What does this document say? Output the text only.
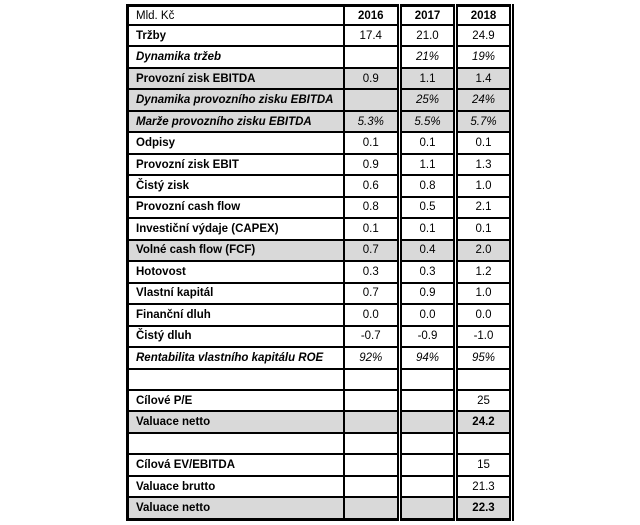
Mld. Kč	2016	2017	2018
Tržby	17.4	21.0	24.9
Dynamika tržeb		21%	19%
Provozní zisk EBITDA	0.9	1.1	1.4
Dynamika provozního zisku EBITDA		25%	24%
Marže provozního zisku EBITDA	5.3%	5.5%	5.7%
Odpisy	0.1	0.1	0.1
Provozní zisk EBIT	0.9	1.1	1.3
Čistý zisk	0.6	0.8	1.0
Provozní cash flow	0.8	0.5	2.1
Investiční výdaje (CAPEX)	0.1	0.1	0.1
Volné cash flow (FCF)	0.7	0.4	2.0
Hotovost	0.3	0.3	1.2
Vlastní kapitál	0.7	0.9	1.0
Finanční dluh	0.0	0.0	0.0
Čistý dluh	-0.7	-0.9	-1.0
Rentabilita vlastního kapitálu ROE	92%	94%	95%

Cílové P/E			25
Valuace netto			24.2

Cílová EV/EBITDA			15
Valuace brutto			21.3
Valuace netto			22.3
